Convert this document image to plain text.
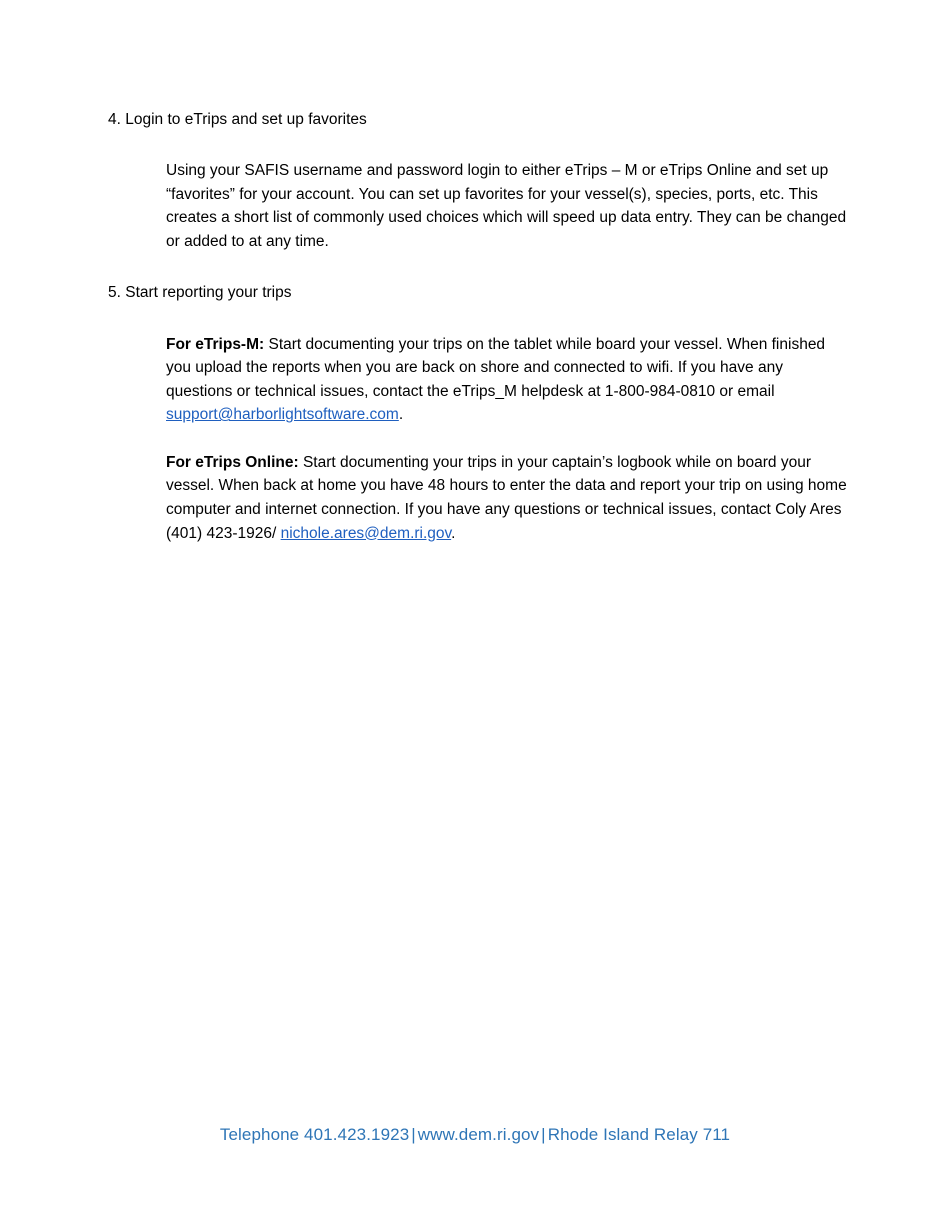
4. Login to eTrips and set up favorites

Using your SAFIS username and password login to either eTrips – M or eTrips Online and set up “favorites” for your account. You can set up favorites for your vessel(s), species, ports, etc. This creates a short list of commonly used choices which will speed up data entry. They can be changed or added to at any time.

5. Start reporting your trips

For eTrips-M: Start documenting your trips on the tablet while board your vessel. When finished you upload the reports when you are back on shore and connected to wifi. If you have any questions or technical issues, contact the eTrips_M helpdesk at 1-800-984-0810 or email support@harborlightsoftware.com.

For eTrips Online: Start documenting your trips in your captain’s logbook while on board your vessel. When back at home you have 48 hours to enter the data and report your trip on using home computer and internet connection. If you have any questions or technical issues, contact Coly Ares (401) 423-1926/ nichole.ares@dem.ri.gov.

Telephone 401.423.1923 | www.dem.ri.gov | Rhode Island Relay 711
